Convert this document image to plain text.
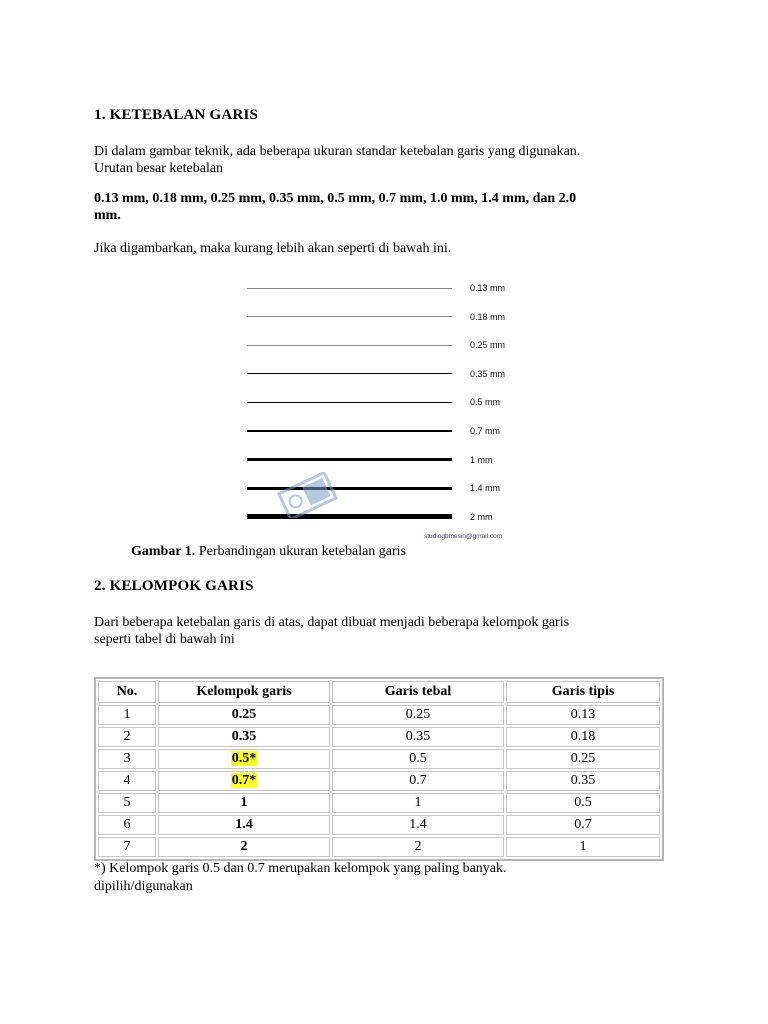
1. KETEBALAN GARIS

Di dalam gambar teknik, ada beberapa ukuran standar ketebalan garis yang digunakan.
Urutan besar ketebalan

0.13 mm, 0.18 mm, 0.25 mm, 0.35 mm, 0.5 mm, 0.7 mm, 1.0 mm, 1.4 mm, dan 2.0
mm.

Jika digambarkan, maka kurang lebih akan seperti di bawah ini.

2. KELOMPOK GARIS

Dari beberapa ketebalan garis di atas, dapat dibuat menjadi beberapa kelompok garis
seperti tabel di bawah ini

0.13 mm
0.18 mm
0.25 mm
0.35 mm
0.5 mm
0.7 mm
1 mm
1.4 mm
2 mm
studiogbmesin@gmail.com
Gambar 1. Perbandingan ukuran ketebalan garis
No.	Kelompok garis	Garis tebal	Garis tipis
1	0.25	0.25	0.13
2	0.35	0.35	0.18
3	0.5*	0.5	0.25
4	0.7*	0.7	0.35
5	1	1	0.5
6	1.4	1.4	0.7
7	2	2	1
*) Kelompok garis 0.5 dan 0.7 merupakan kelompok yang paling banyak.
dipilih/digunakan
